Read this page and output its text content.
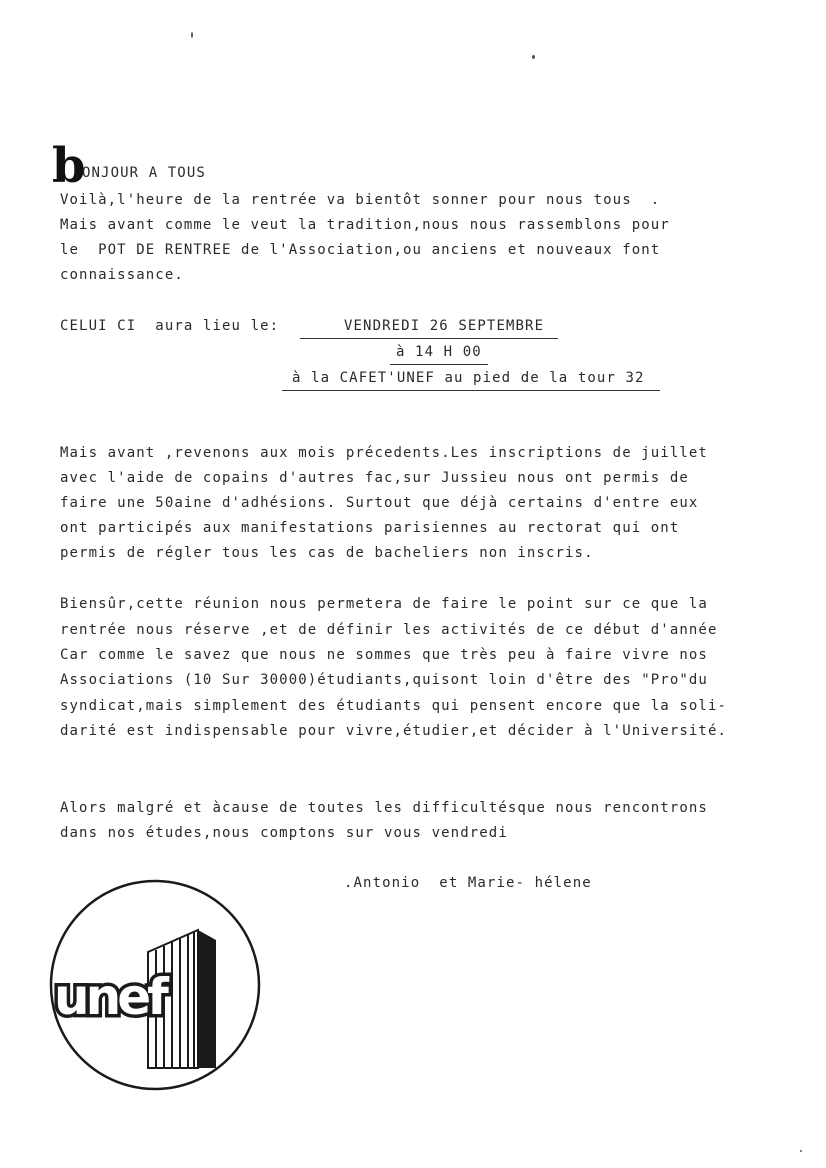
b
ONJOUR A TOUS
Voilà,l'heure de la rentrée va bientôt sonner pour nous tous  .
Mais avant comme le veut la tradition,nous nous rassemblons pour
le  POT DE RENTREE de l'Association,ou anciens et nouveaux font
connaissance.
CELUI CI  aura lieu le:	VENDREDI 26 SEPTEMBRE
à 14 H 00
à la CAFET'UNEF au pied de la tour 32
Mais avant ,revenons aux mois précedents.Les inscriptions de juillet
avec l'aide de copains d'autres fac,sur Jussieu nous ont permis de
faire une 50aine d'adhésions. Surtout que déjà certains d'entre eux
ont participés aux manifestations parisiennes au rectorat qui ont
permis de régler tous les cas de bacheliers non inscris.
Biensûr,cette réunion nous permetera de faire le point sur ce que la
rentrée nous réserve ,et de définir les activités de ce début d'année
Car comme le savez que nous ne sommes que très peu à faire vivre nos
Associations (10 Sur 30000)étudiants,quisont loin d'être des "Pro"du
syndicat,mais simplement des étudiants qui pensent encore que la soli-
darité est indispensable pour vivre,étudier,et décider à l'Université.
Alors malgré et àcause de toutes les difficultésque nous rencontrons
dans nos études,nous comptons sur vous vendredi
.Antonio  et Marie- hélene
unef
